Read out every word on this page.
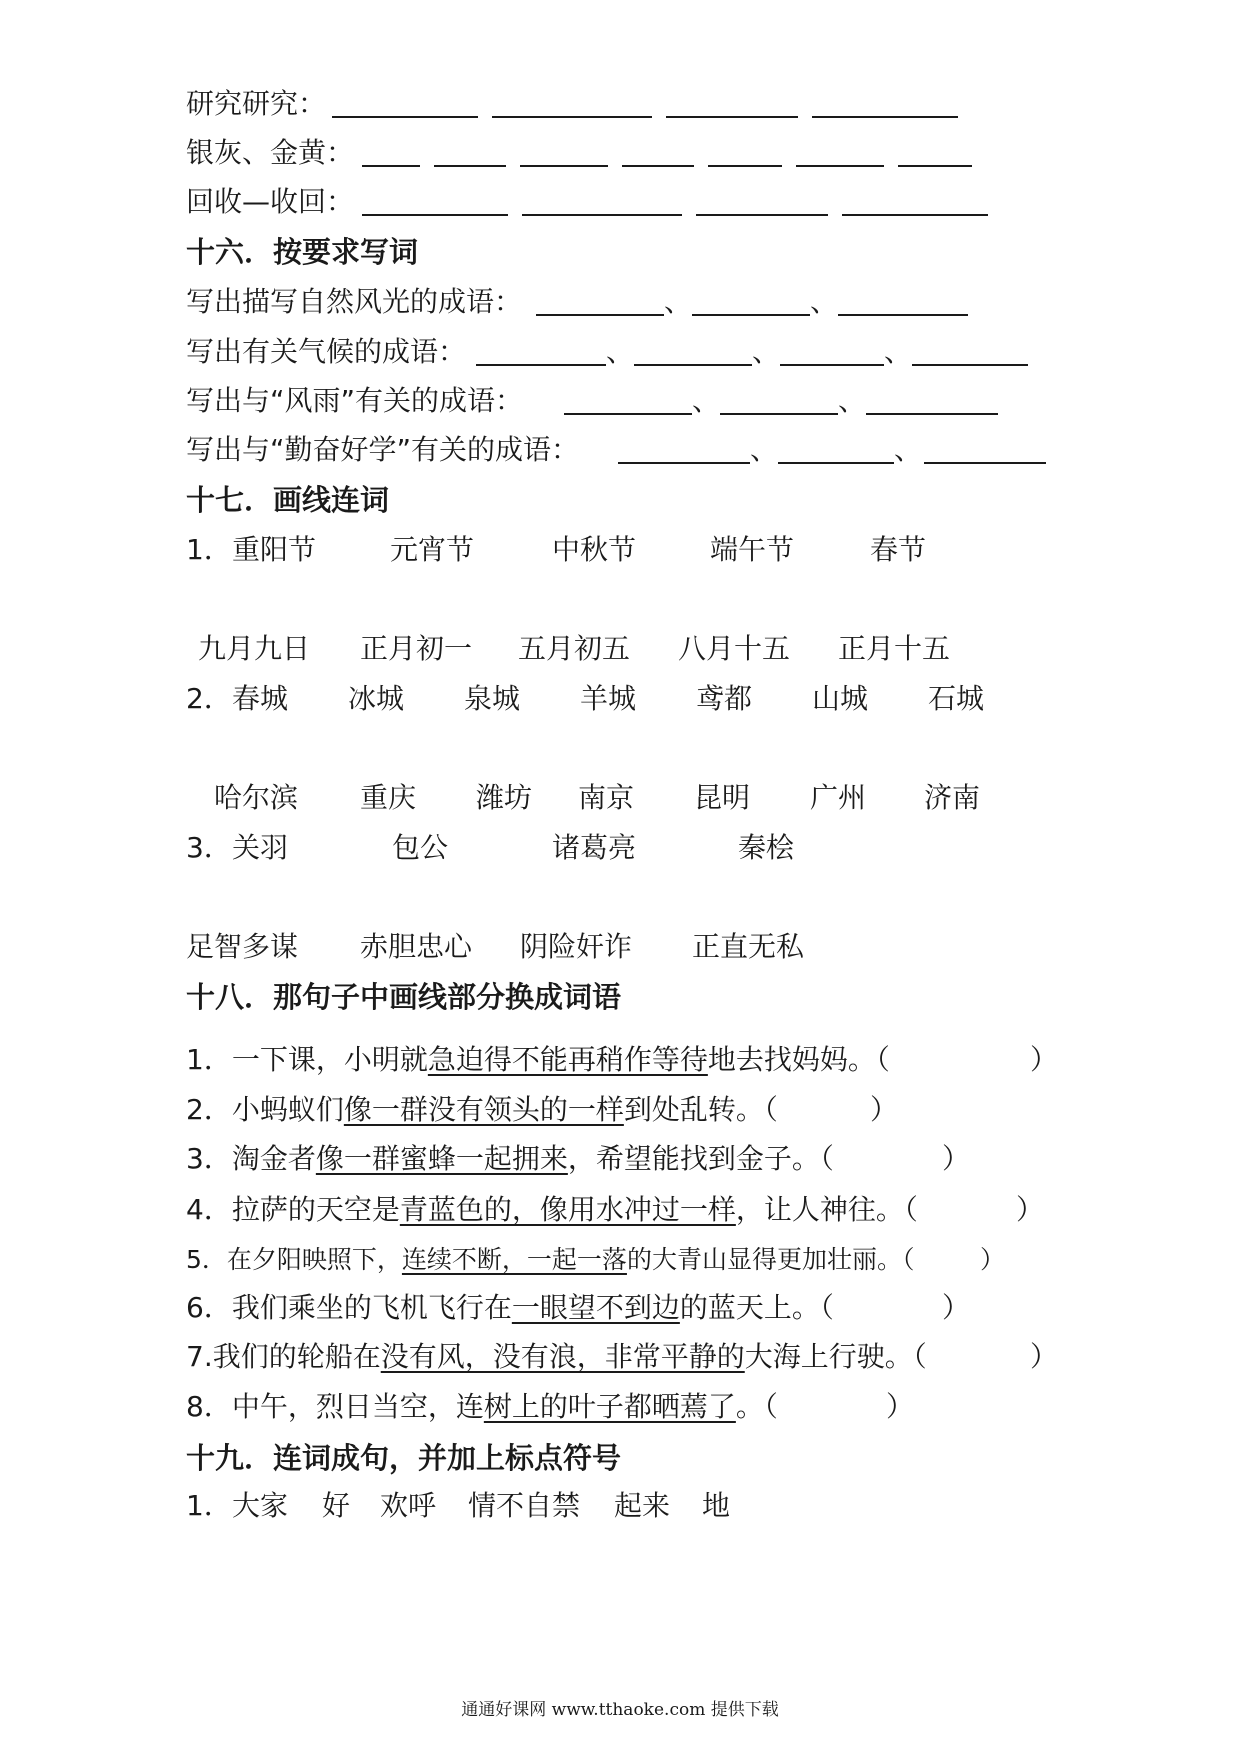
研究研究：
银灰、金黄：
回收—收回：
十六．按要求写词
写出描写自然风光的成语：	、	、
写出有关气候的成语：	、	、	、
写出与“风雨”有关的成语：	、	、
写出与“勤奋好学”有关的成语：	、	、
十七．画线连词
1． 重阳节	元宵节	中秋节	端午节	春节
九月九日 正月初一 五月初五 八月十五 正月十五
2． 春城 冰城 泉城 羊城 鸢都 山城 石城
哈尔滨 重庆 潍坊 南京 昆明 广州 济南
3． 关羽	包公	诸葛亮	秦桧
足智多谋 赤胆忠心 阴险奸诈 正直无私
十八．那句子中画线部分换成词语
1．一下课，小明就急迫得不能再稍作等待地去找妈妈。（	）
2．小蚂蚁们像一群没有领头的一样到处乱转。（	）
3．淘金者像一群蜜蜂一起拥来，希望能找到金子。（	）
4．拉萨的天空是青蓝色的，像用水冲过一样，让人神往。（	）
5．在夕阳映照下，连续不断，一起一落的大青山显得更加壮丽。（	）
6．我们乘坐的飞机飞行在一眼望不到边的蓝天上。（	）
7.我们的轮船在没有风，没有浪，非常平静的大海上行驶。（	）
8．中午，烈日当空，连树上的叶子都晒蔫了。（	）
十九．连词成句，并加上标点符号
1． 大家 好 欢呼 情不自禁 起来 地
通通好课网 www.tthaoke.com 提供下载
